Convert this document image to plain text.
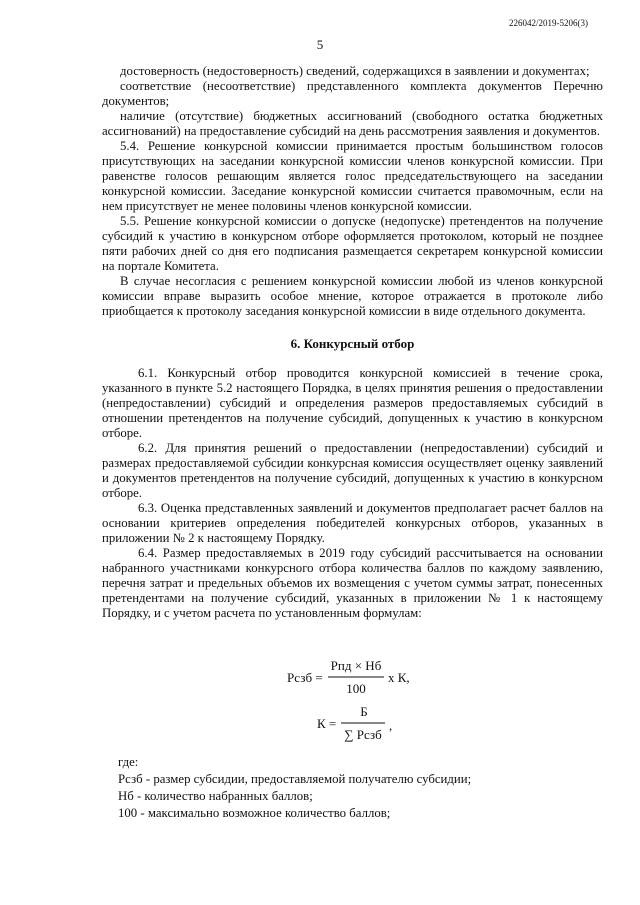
226042/2019-5206(3)
5

достоверность (недостоверность) сведений, содержащихся в заявлении и документах;

соответствие (несоответствие) представленного комплекта документов Перечню документов;

наличие (отсутствие) бюджетных ассигнований (свободного остатка бюджетных ассигнований) на предоставление субсидий на день рассмотрения заявления и документов.

5.4. Решение конкурсной комиссии принимается простым большинством голосов присутствующих на заседании конкурсной комиссии членов конкурсной комиссии. При равенстве голосов решающим является голос председательствующего на заседании конкурсной комиссии. Заседание конкурсной комиссии считается правомочным, если на нем присутствует не менее половины членов конкурсной комиссии.

5.5. Решение конкурсной комиссии о допуске (недопуске) претендентов на получение субсидий к участию в конкурсном отборе оформляется протоколом, который не позднее пяти рабочих дней со дня его подписания размещается секретарем конкурсной комиссии на портале Комитета.

В случае несогласия с решением конкурсной комиссии любой из членов конкурсной комиссии вправе выразить особое мнение, которое отражается в протоколе либо приобщается к протоколу заседания конкурсной комиссии в виде отдельного документа.

6. Конкурсный отбор

6.1. Конкурсный отбор проводится конкурсной комиссией в течение срока, указанного в пункте 5.2 настоящего Порядка, в целях принятия решения о предоставлении (непредоставлении) субсидий и определения размеров предоставляемых субсидий в отношении претендентов на получение субсидий, допущенных к участию в конкурсном отборе.

6.2. Для принятия решений о предоставлении (непредоставлении) субсидий и размерах предоставляемой субсидии конкурсная комиссия осуществляет оценку заявлений и документов претендентов на получение субсидий, допущенных к участию в конкурсном отборе.

6.3. Оценка представленных заявлений и документов предполагает расчет баллов на основании критериев определения победителей конкурсных отборов, указанных в приложении № 2 к настоящему Порядку.

6.4. Размер предоставляемых в 2019 году субсидий рассчитывается на основании набранного участниками конкурсного отбора количества баллов по каждому заявлению, перечня затрат и предельных объемов их возмещения с учетом суммы затрат, понесенных претендентами на получение субсидий, указанных в приложении № 1 к настоящему Порядку, и с учетом расчета по установленным формулам:

Рсзб =
Рпд × Нб
100
x К,
К =
Б
∑ Рсзб
,
где:
Рсзб - размер субсидии, предоставляемой получателю субсидии;
Нб - количество набранных баллов;
100 - максимально возможное количество баллов;
